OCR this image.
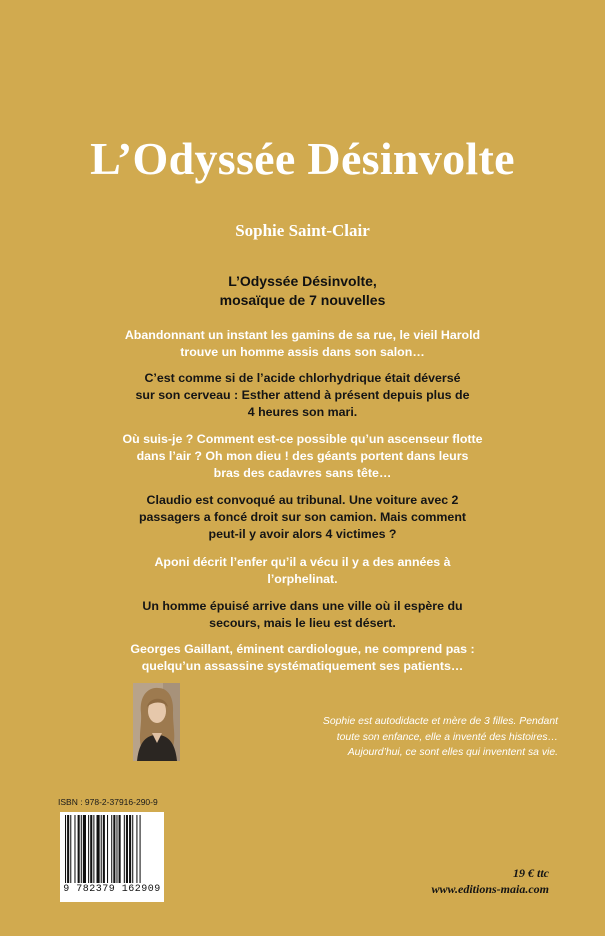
L’Odyssée Désinvolte
Sophie Saint-Clair
L’Odyssée Désinvolte,
mosaïque de 7 nouvelles

Abandonnant un instant les gamins de sa rue, le vieil Harold
trouve un homme assis dans son salon…

C’est comme si de l’acide chlorhydrique était déversé
sur son cerveau : Esther attend à présent depuis plus de
4 heures son mari.

Où suis-je ? Comment est-ce possible qu’un ascenseur flotte
dans l’air ? Oh mon dieu ! des géants portent dans leurs
bras des cadavres sans tête…

Claudio est convoqué au tribunal. Une voiture avec 2
passagers a foncé droit sur son camion. Mais comment
peut-il y avoir alors 4 victimes ?

Aponi décrit l’enfer qu’il a vécu il y a des années à
l’orphelinat.

Un homme épuisé arrive dans une ville où il espère du
secours, mais le lieu est désert.

Georges Gaillant, éminent cardiologue, ne comprend pas :
quelqu’un assassine systématiquement ses patients…

Sophie est autodidacte et mère de 3 filles. Pendant
toute son enfance, elle a inventé des histoires…
Aujourd’hui, ce sont elles qui inventent sa vie.
ISBN : 978-2-37916-290-9
9 782379 162909
19 € ttc
www.editions-maia.com
